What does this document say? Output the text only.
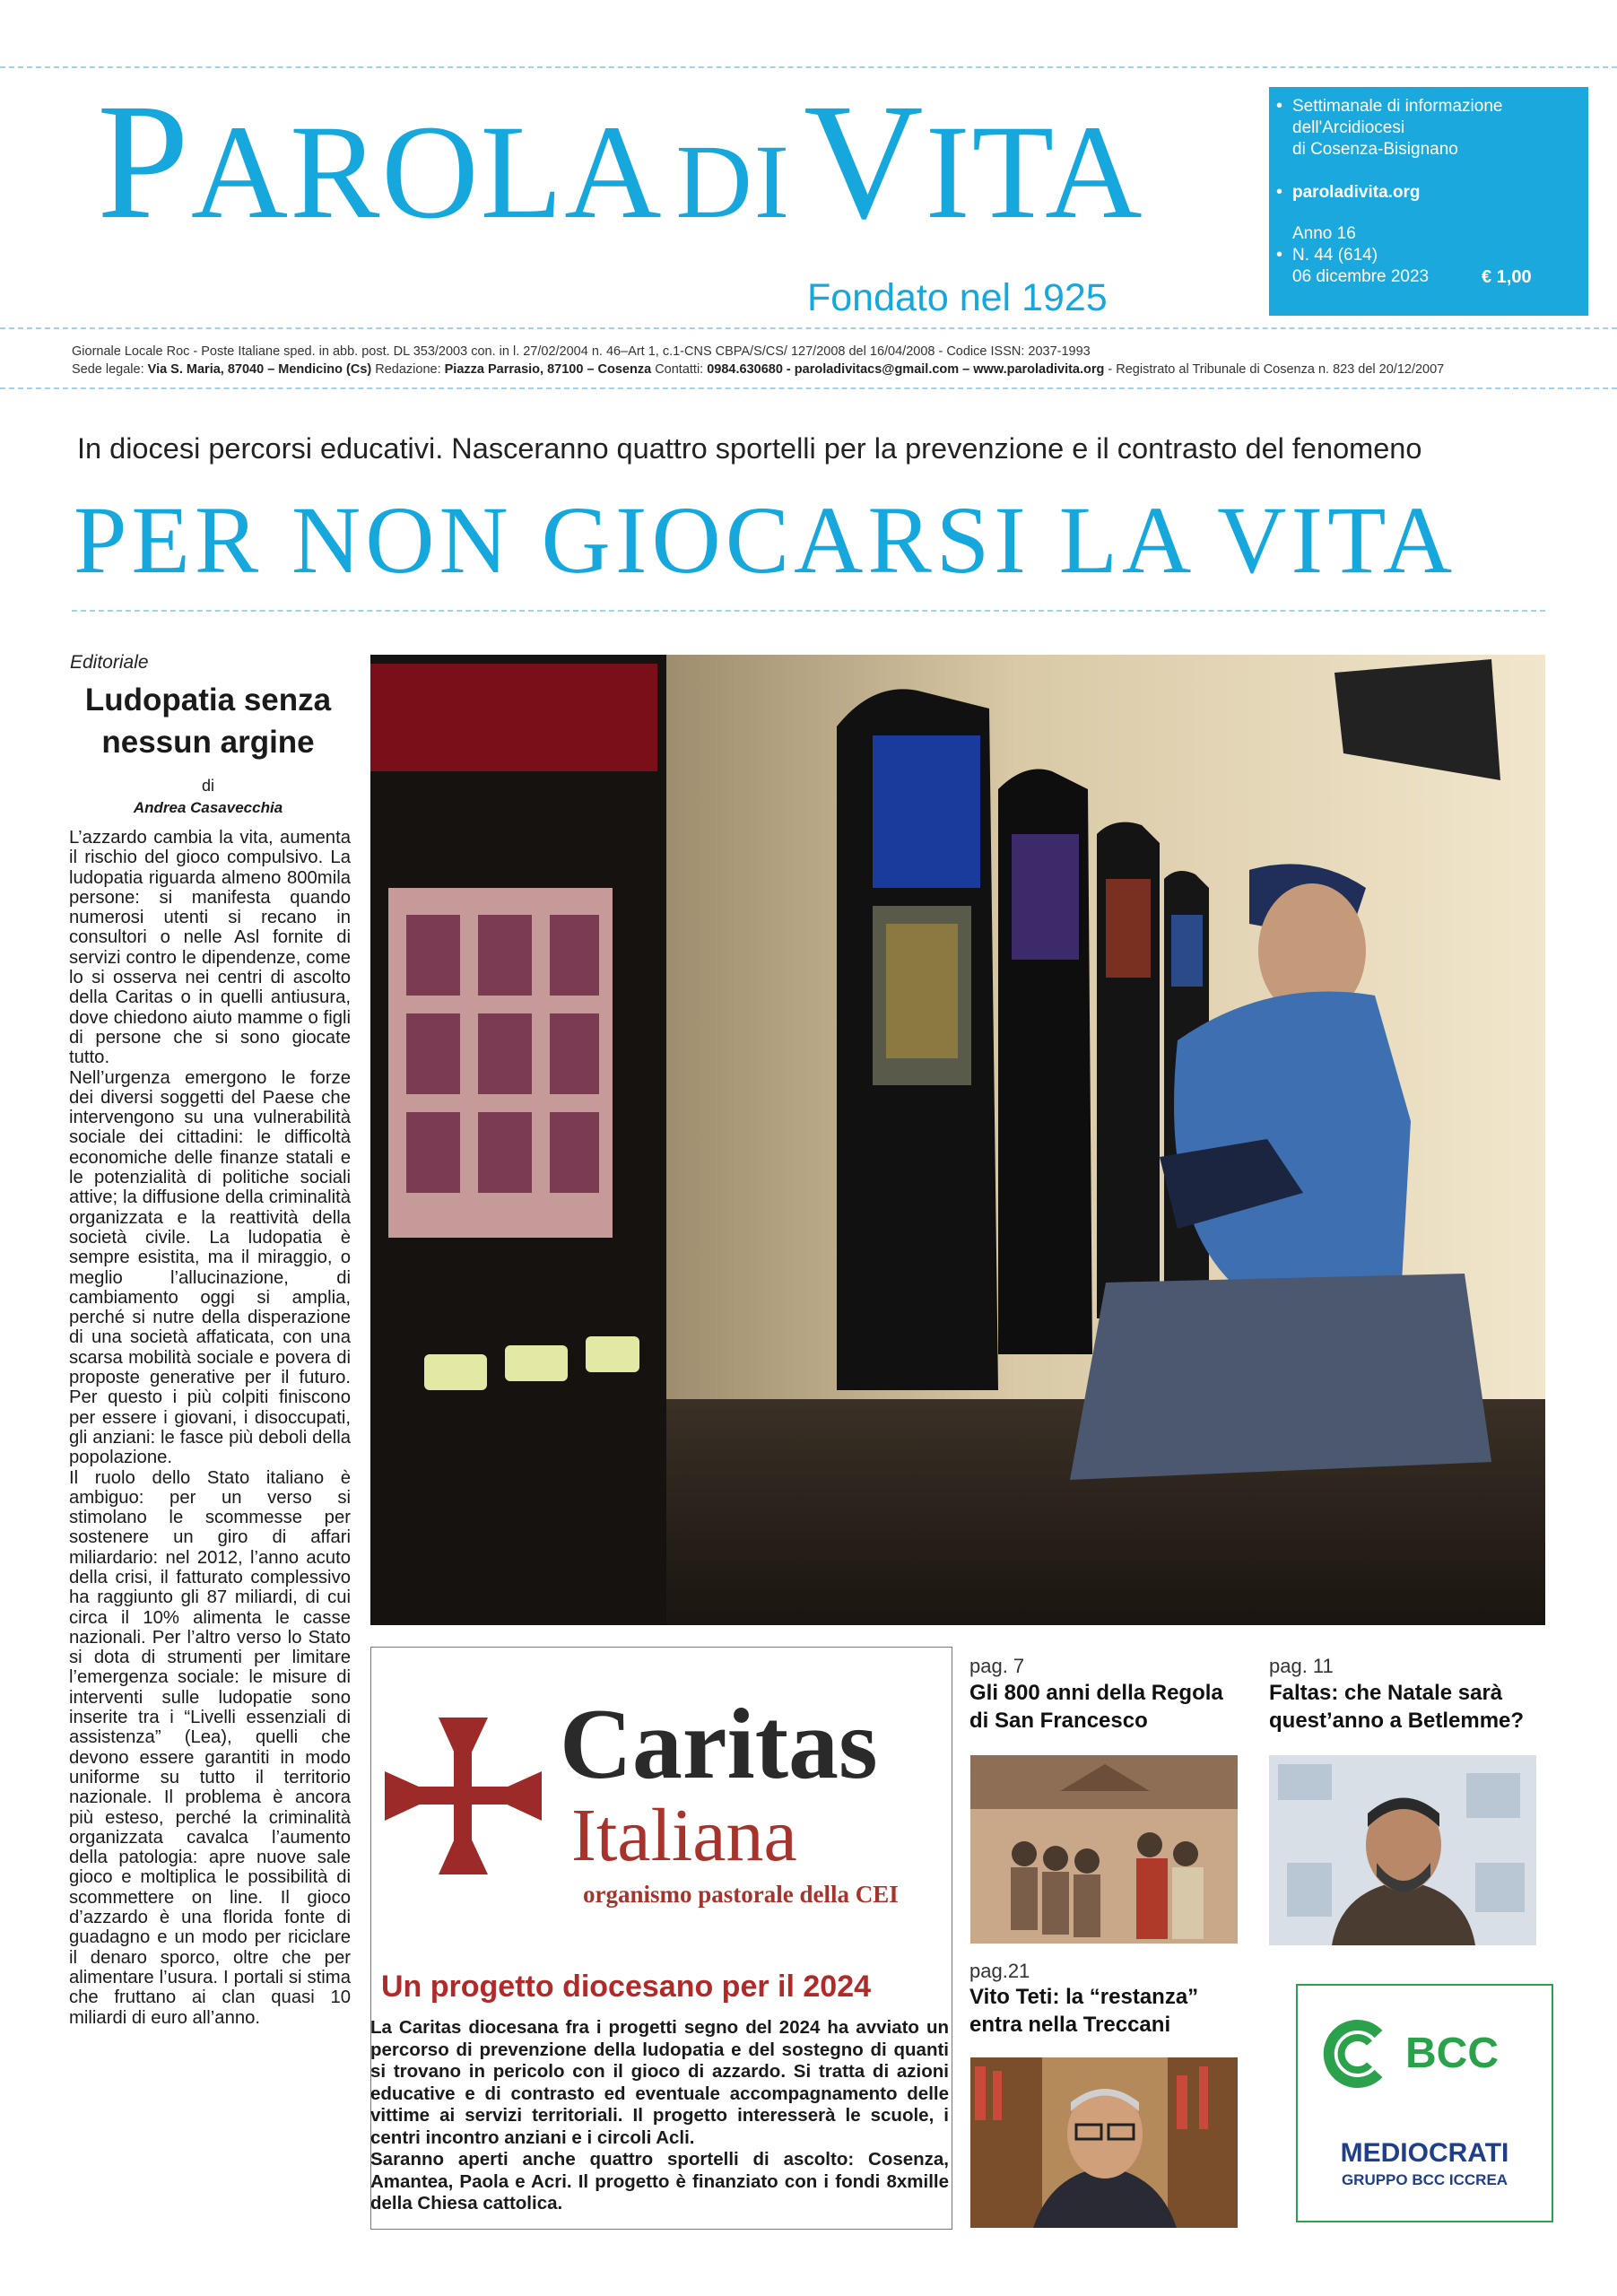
PAROLA DIVITA
Fondato nel 1925
• Settimanale di informazione
dell'Arcidiocesi
di Cosenza-Bisignano
• paroladivita.org
Anno 16
• N. 44 (614)
06 dicembre 2023	€ 1,00
Giornale Locale Roc - Poste Italiane sped. in abb. post. DL 353/2003 con. in l. 27/02/2004 n. 46–Art 1, c.1-CNS CBPA/S/CS/ 127/2008 del 16/04/2008 - Codice ISSN: 2037-1993
Sede legale: Via S. Maria, 87040 – Mendicino (Cs) Redazione: Piazza Parrasio, 87100 – Cosenza Contatti: 0984.630680 - paroladivitacs@gmail.com – www.paroladivita.org - Registrato al Tribunale di Cosenza n. 823 del 20/12/2007
In diocesi percorsi educativi. Nasceranno quattro sportelli per la prevenzione e il contrasto del fenomeno
PER NON GIOCARSI LA VITA
Editoriale
Ludopatia senza
nessun argine
di
Andrea Casavecchia

L’azzardo cambia la vita, aumenta il rischio del gioco compulsivo. La ludopatia riguarda almeno 800mila persone: si manifesta quando numerosi utenti si recano in consultori o nelle Asl fornite di servizi contro le dipendenze, come lo si osserva nei centri di ascolto della Caritas o in quelli antiusura, dove chiedono aiuto mamme o figli di persone che si sono giocate tutto.

Nell’urgenza emergono le forze dei diversi soggetti del Paese che intervengono su una vulnerabilità sociale dei cittadini: le difficoltà economiche delle finanze statali e le potenzialità di politiche sociali attive; la diffusione della criminalità organizzata e la reattività della società civile. La ludopatia è sempre esistita, ma il miraggio, o meglio l’allucinazione, di cambiamento oggi si amplia, perché si nutre della disperazione di una società affaticata, con una scarsa mobilità sociale e povera di proposte generative per il futuro. Per questo i più colpiti finiscono per essere i giovani, i disoccupati, gli anziani: le fasce più deboli della popolazione.

Il ruolo dello Stato italiano è ambiguo: per un verso si stimolano le scommesse per sostenere un giro di affari miliardario: nel 2012, l’anno acuto della crisi, il fatturato complessivo ha raggiunto gli 87 miliardi, di cui circa il 10% alimenta le casse nazionali. Per l’altro verso lo Stato si dota di strumenti per limitare l’emergenza sociale: le misure di interventi sulle ludopatie sono inserite tra i “Livelli essenziali di assistenza” (Lea), quelli che devono essere garantiti in modo uniforme su tutto il territorio nazionale. Il problema è ancora più esteso, perché la criminalità organizzata cavalca l’aumento della patologia: apre nuove sale gioco e moltiplica le possibilità di scommettere on line. Il gioco d’azzardo è una florida fonte di guadagno e un modo per riciclare il denaro sporco, oltre che per alimentare l’usura. I portali si stima che fruttano ai clan quasi 10 miliardi di euro all’anno.

Caritas
Italiana
organismo pastorale della CEI
Un progetto diocesano per il 2024

La Caritas diocesana fra i progetti segno del 2024 ha avviato un percorso di prevenzione della ludopatia e del sostegno di quanti si trovano in pericolo con il gioco di azzardo. Si tratta di azioni educative e di contrasto ed eventuale accompagnamento delle vittime ai servizi territoriali. Il progetto interesserà le scuole, i centri incontro anziani e i circoli Acli.

Saranno aperti anche quattro sportelli di ascolto: Cosenza, Amantea, Paola e Acri. Il progetto è finanziato con i fondi 8xmille della Chiesa cattolica.

pag. 7
Gli 800 anni della Regola
di San Francesco
pag. 11
Faltas: che Natale sarà
quest’anno a Betlemme?
pag.21
Vito Teti: la “restanza”
entra nella Treccani
BCC
MEDIOCRATI
GRUPPO BCC ICCREA
